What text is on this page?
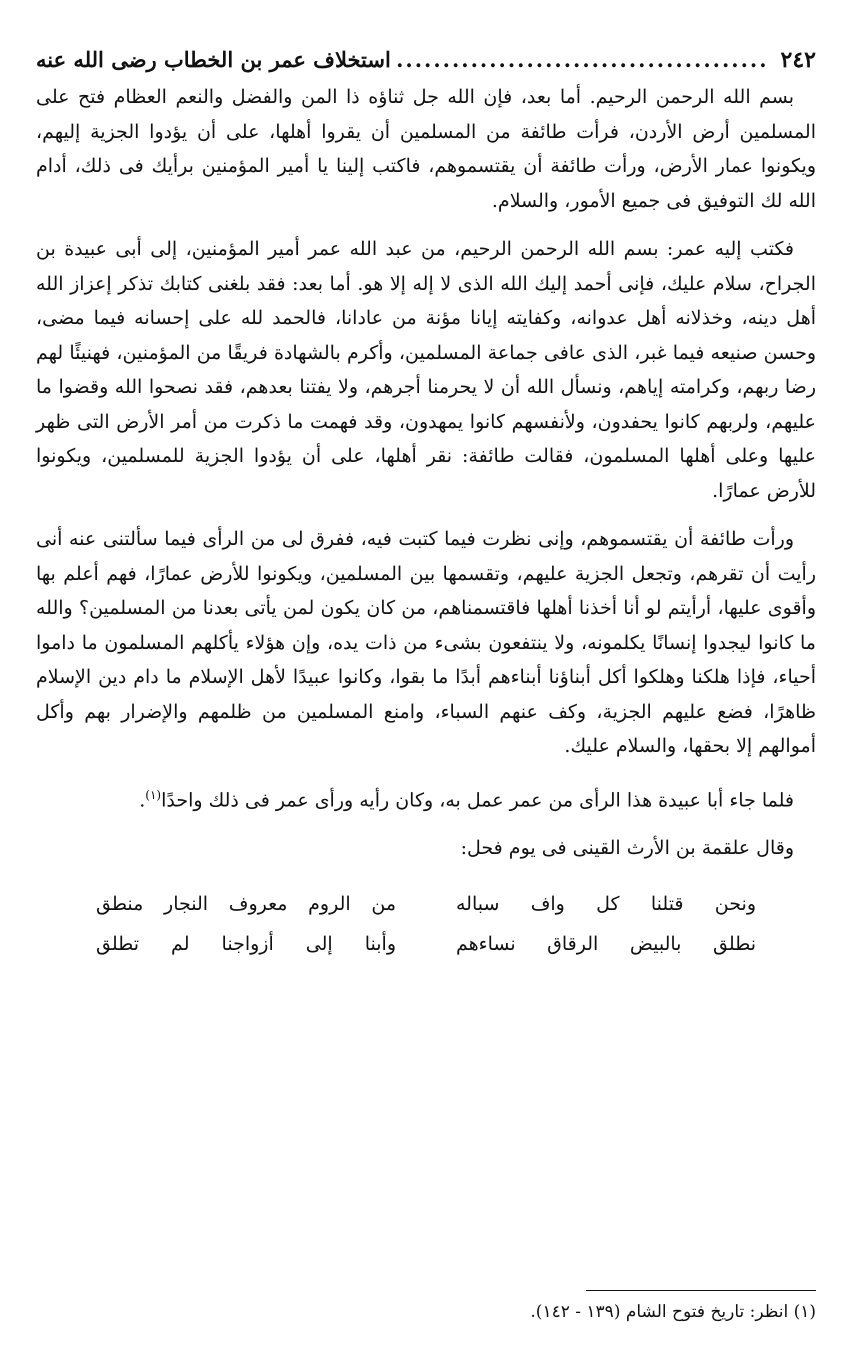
٢٤٢
.....
استخلاف عمر بن الخطاب رضى الله عنه

بسم الله الرحمن الرحيم. أما بعد، فإن الله جل ثناؤه ذا المن والفضل والنعم العظام فتح على المسلمين أرض الأردن، فرأت طائفة من المسلمين أن يقروا أهلها، على أن يؤدوا الجزية إليهم، ويكونوا عمار الأرض، ورأت طائفة أن يقتسموهم، فاكتب إلينا يا أمير المؤمنين برأيك فى ذلك، أدام الله لك التوفيق فى جميع الأمور، والسلام.

فكتب إليه عمر: بسم الله الرحمن الرحيم، من عبد الله عمر أمير المؤمنين، إلى أبى عبيدة بن الجراح، سلام عليك، فإنى أحمد إليك الله الذى لا إله إلا هو. أما بعد: فقد بلغنى كتابك تذكر إعزاز الله أهل دينه، وخذلانه أهل عدوانه، وكفايته إيانا مؤنة من عادانا، فالحمد لله على إحسانه فيما مضى، وحسن صنيعه فيما غبر، الذى عافى جماعة المسلمين، وأكرم بالشهادة فريقًا من المؤمنين، فهنيئًا لهم رضا ربهم، وكرامته إياهم، ونسأل الله أن لا يحرمنا أجرهم، ولا يفتنا بعدهم، فقد نصحوا الله وقضوا ما عليهم، ولربهم كانوا يحفدون، ولأنفسهم كانوا يمهدون، وقد فهمت ما ذكرت من أمر الأرض التى ظهر عليها وعلى أهلها المسلمون، فقالت طائفة: نقر أهلها، على أن يؤدوا الجزية للمسلمين، ويكونوا للأرض عمارًا.

ورأت طائفة أن يقتسموهم، وإنى نظرت فيما كتبت فيه، ففرق لى من الرأى فيما سألتنى عنه أنى رأيت أن تقرهم، وتجعل الجزية عليهم، وتقسمها بين المسلمين، ويكونوا للأرض عمارًا، فهم أعلم بها وأقوى عليها، أرأيتم لو أنا أخذنا أهلها فاقتسمناهم، من كان يكون لمن يأتى بعدنا من المسلمين؟ والله ما كانوا ليجدوا إنسانًا يكلمونه، ولا ينتفعون بشىء من ذات يده، وإن هؤلاء يأكلهم المسلمون ما داموا أحياء، فإذا هلكنا وهلكوا أكل أبناؤنا أبناءهم أبدًا ما بقوا، وكانوا عبيدًا لأهل الإسلام ما دام دين الإسلام ظاهرًا، فضع عليهم الجزية، وكف عنهم السباء، وامنع المسلمين من ظلمهم والإضرار بهم وأكل أموالهم إلا بحقها، والسلام عليك.

فلما جاء أبا عبيدة هذا الرأى من عمر عمل به، وكان رأيه ورأى عمر فى ذلك واحدًا$^{(١)}$.

وقال علقمة بن الأرث القينى فى يوم فحل:

ونحن قتلنا كل واف سباله
من الروم معروف النجار منطق
نطلق بالبيض الرقاق نساءهم
وأبنا إلى أزواجنا لم تطلق
(١) انظر: تاريخ فتوح الشام (١٣٩ - ١٤٢).
